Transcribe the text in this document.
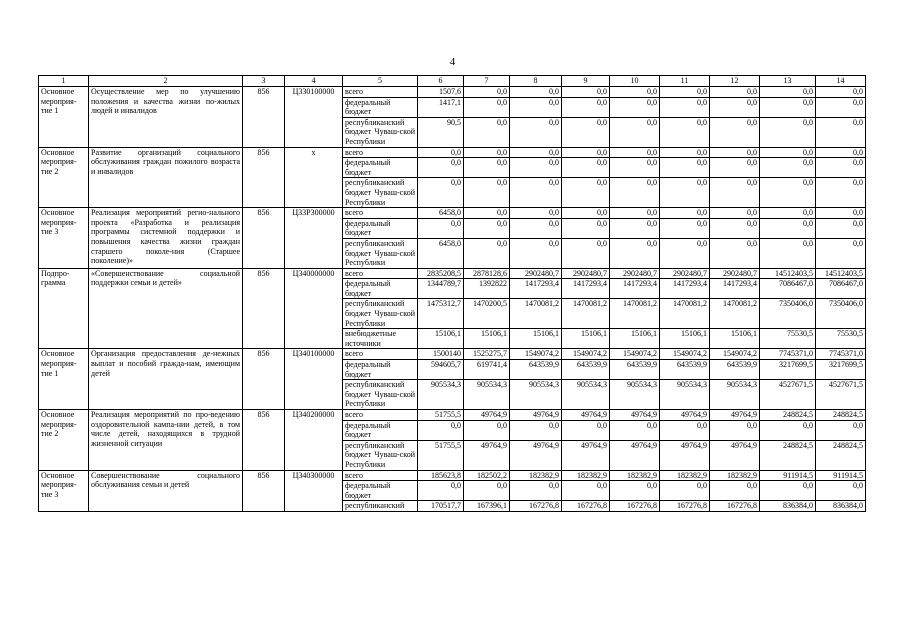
4
1	2	3	4	5	6	7	8	9	10	11	12	13	14
Основное мероприя-тие 1	Осуществление мер по улучшению положения и качества жизни по-жилых людей и инвалидов	856	Ц330100000	всего	1507,6	0,0	0,0	0,0	0,0	0,0	0,0	0,0	0,0
				федеральный бюджет	1417,1	0,0	0,0	0,0	0,0	0,0	0,0	0,0	0,0
				республиканский бюджет Чуваш-ской Республики	90,5	0,0	0,0	0,0	0,0	0,0	0,0	0,0	0,0
Основное мероприя-тие 2	Развитие организаций социального обслуживания граждан пожилого возраста и инвалидов	856	х	всего	0,0	0,0	0,0	0,0	0,0	0,0	0,0	0,0	0,0
				федеральный бюджет	0,0	0,0	0,0	0,0	0,0	0,0	0,0	0,0	0,0
				республиканский бюджет Чуваш-ской Республики	0,0	0,0	0,0	0,0	0,0	0,0	0,0	0,0	0,0
Основное мероприя-тие 3	Реализация мероприятий регио-нального проекта «Разработка и реализация программы системной поддержки и повышения качества жизни граждан старшего поколе-ния (Старшее поколение)»	856	Ц33Р300000	всего	6458,0	0,0	0,0	0,0	0,0	0,0	0,0	0,0	0,0
				федеральный бюджет	0,0	0,0	0,0	0,0	0,0	0,0	0,0	0,0	0,0
				республиканский бюджет Чуваш-ской Республики	6458,0	0,0	0,0	0,0	0,0	0,0	0,0	0,0	0,0
Подпро-грамма	«Совершенствование социальной поддержки семьи и детей»	856	Ц340000000	всего	2835208,5	2878128,6	2902480,7	2902480,7	2902480,7	2902480,7	2902480,7	14512403,5	14512403,5
				федеральный бюджет	1344789,7	1392822	1417293,4	1417293,4	1417293,4	1417293,4	1417293,4	7086467,0	7086467,0
				республиканский бюджет Чуваш-ской Республики	1475312,7	1470200,5	1470081,2	1470081,2	1470081,2	1470081,2	1470081,2	7350406,0	7350406,0
				внебюджетные источники	15106,1	15106,1	15106,1	15106,1	15106,1	15106,1	15106,1	75530,5	75530,5
Основное мероприя-тие 1	Организация предоставления де-нежных выплат и пособий гражда-нам, имеющим детей	856	Ц340100000	всего	1500140	1525275,7	1549074,2	1549074,2	1549074,2	1549074,2	1549074,2	7745371,0	7745371,0
				федеральный бюджет	594605,7	619741,4	643539,9	643539,9	643539,9	643539,9	643539,9	3217699,5	3217699,5
				республиканский бюджет Чуваш-ской Республики	905534,3	905534,3	905534,3	905534,3	905534,3	905534,3	905534,3	4527671,5	4527671,5
Основное мероприя-тие 2	Реализация мероприятий по про-ведению оздоровительной кампа-нии детей, в том числе детей, находящихся в трудной жизненной ситуации	856	Ц340200000	всего	51755,5	49764,9	49764,9	49764,9	49764,9	49764,9	49764,9	248824,5	248824,5
				федеральный бюджет	0,0	0,0	0,0	0,0	0,0	0,0	0,0	0,0	0,0
				республиканский бюджет Чуваш-ской Республики	51755,5	49764,9	49764,9	49764,9	49764,9	49764,9	49764,9	248824,5	248824,5
Основное мероприя-тие 3	Совершенствование социального обслуживания семьи и детей	856	Ц340300000	всего	185623,8	182502,2	182382,9	182382,9	182382,9	182382,9	182382,9	911914,5	911914,5
				федеральный бюджет	0,0	0,0	0,0	0,0	0,0	0,0	0,0	0,0	0,0
				республиканский	170517,7	167396,1	167276,8	167276,8	167276,8	167276,8	167276,8	836384,0	836384,0
